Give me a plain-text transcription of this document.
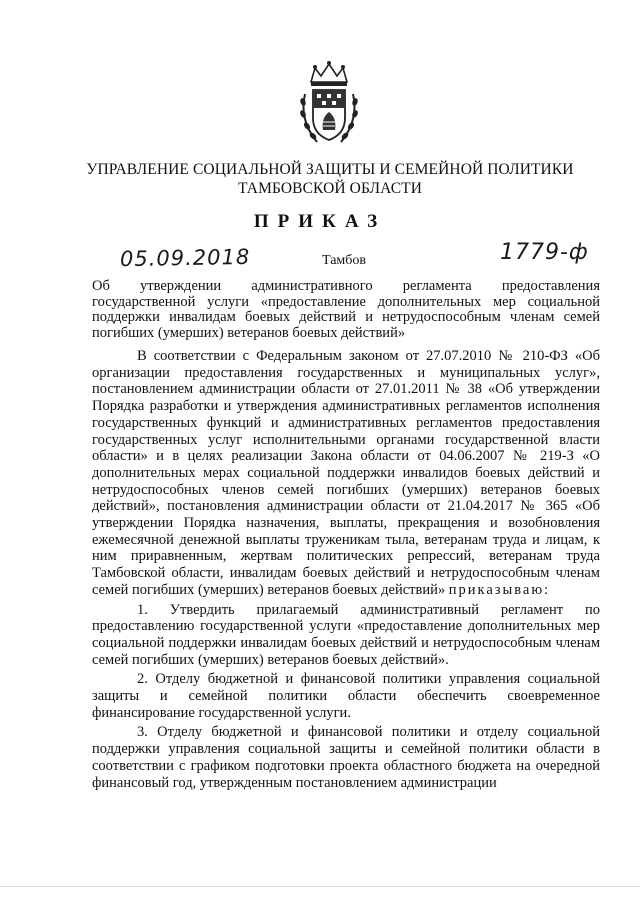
УПРАВЛЕНИЕ СОЦИАЛЬНОЙ ЗАЩИТЫ И СЕМЕЙНОЙ ПОЛИТИКИ
ТАМБОВСКОЙ ОБЛАСТИ
ПРИКАЗ
05.09.2018	Тамбов	1779-ф
Об утверждении административного регламента предоставления государственной услуги «предоставление дополнительных мер социальной поддержки инвалидам боевых действий и нетрудоспособным членам семей погибших (умерших) ветеранов боевых действий»

В соответствии с Федеральным законом от 27.07.2010 № 210-ФЗ «Об организации предоставления государственных и муниципальных услуг», постановлением администрации области от 27.01.2011 № 38 «Об утверждении Порядка разработки и утверждения административных регламентов исполнения государственных функций и административных регламентов предоставления государственных услуг исполнительными органами государственной власти области» и в целях реализации Закона области от 04.06.2007 № 219-З «О дополнительных мерах социальной поддержки инвалидов боевых действий и нетрудоспособных членов семей погибших (умерших) ветеранов боевых действий», постановления администрации области от 21.04.2017 № 365 «Об утверждении Порядка назначения, выплаты, прекращения и возобновления ежемесячной денежной выплаты труженикам тыла, ветеранам труда и лицам, к ним приравненным, жертвам политических репрессий, ветеранам труда Тамбовской области, инвалидам боевых действий и нетрудоспособным членам семей погибших (умерших) ветеранов боевых действий» приказываю:

1. Утвердить прилагаемый административный регламент по предоставлению государственной услуги «предоставление дополнительных мер социальной поддержки инвалидам боевых действий и нетрудоспособным членам семей погибших (умерших) ветеранов боевых действий».

2. Отделу бюджетной и финансовой политики управления социальной защиты и семейной политики области обеспечить своевременное финансирование государственной услуги.

3. Отделу бюджетной и финансовой политики и отделу социальной поддержки управления социальной защиты и семейной политики области в соответствии с графиком подготовки проекта областного бюджета на очередной финансовый год, утвержденным постановлением администрации
